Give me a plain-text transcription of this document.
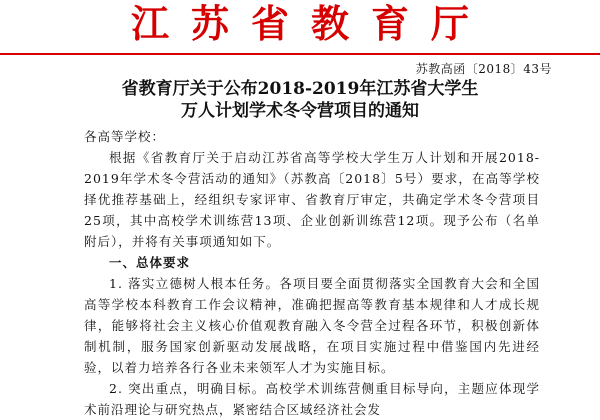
江苏省教育厅
苏教高函〔2018〕43号
省教育厅关于公布2018-2019年江苏省大学生
万人计划学术冬令营项目的通知

各高等学校：

根据《省教育厅关于启动江苏省高等学校大学生万人计划和开展2018-2019年学术冬令营活动的通知》（苏教高〔2018〕5号）要求，在高等学校择优推荐基础上，经组织专家评审、省教育厅审定，共确定学术冬令营项目25项，其中高校学术训练营13项、企业创新训练营12项。现予公布（名单附后），并将有关事项通知如下。

一、总体要求

1. 落实立德树人根本任务。各项目要全面贯彻落实全国教育大会和全国高等学校本科教育工作会议精神，准确把握高等教育基本规律和人才成长规律，能够将社会主义核心价值观教育融入冬令营全过程各环节，积极创新体制机制，服务国家创新驱动发展战略，在项目实施过程中借鉴国内先进经验，以着力培养各行各业未来领军人才为实施目标。

2. 突出重点，明确目标。高校学术训练营侧重目标导向，主题应体现学术前沿理论与研究热点，紧密结合区域经济社会发
